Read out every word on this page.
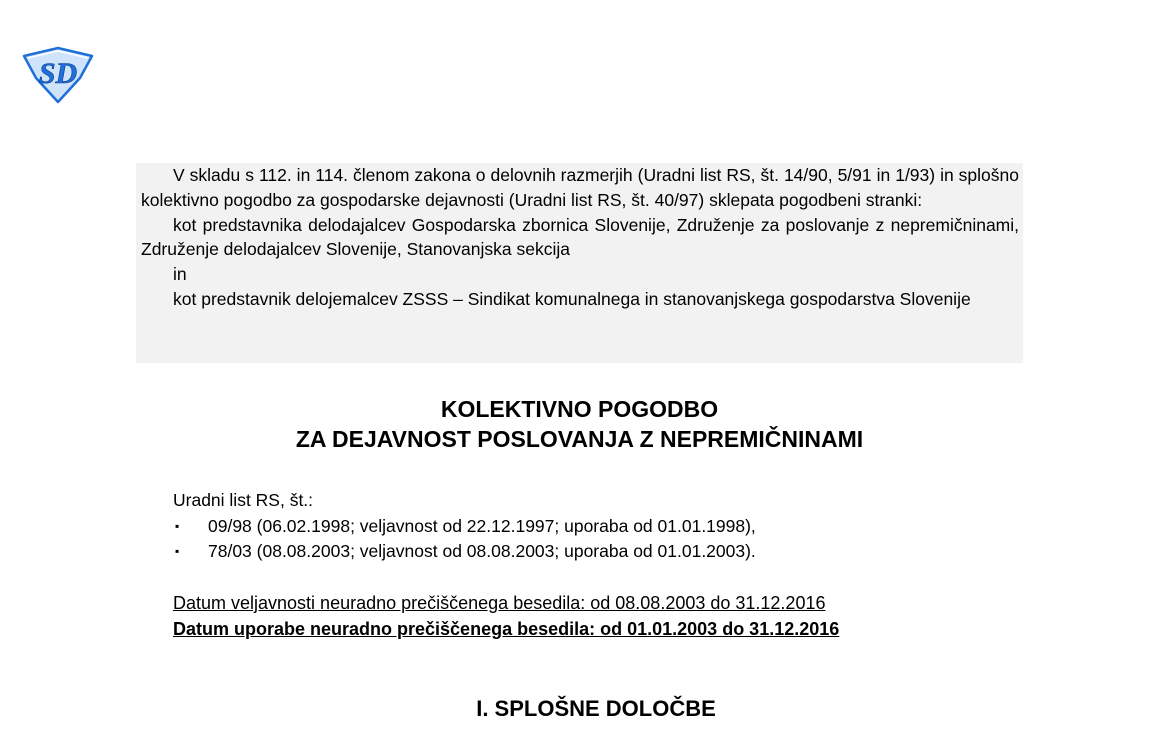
SD

V skladu s 112. in 114. členom zakona o delovnih razmerjih (Uradni list RS, št. 14/90, 5/91 in 1/93) in splošno kolektivno pogodbo za gospodarske dejavnosti (Uradni list RS, št. 40/97) sklepata pogodbeni stranki:

kot predstavnika delodajalcev Gospodarska zbornica Slovenije, Združenje za poslovanje z nepremičninami, Združenje delodajalcev Slovenije, Stanovanjska sekcija

in

kot predstavnik delojemalcev ZSSS – Sindikat komunalnega in stanovanjskega gospodarstva Slovenije

KOLEKTIVNO POGODBO
ZA DEJAVNOST POSLOVANJA Z NEPREMIČNINAMI
Uradni list RS, št.:
▪ 09/98 (06.02.1998; veljavnost od 22.12.1997; uporaba od 01.01.1998),
▪ 78/03 (08.08.2003; veljavnost od 08.08.2003; uporaba od 01.01.2003).
Datum veljavnosti neuradno prečiščenega besedila: od 08.08.2003 do 31.12.2016
Datum uporabe neuradno prečiščenega besedila: od 01.01.2003 do 31.12.2016
I. SPLOŠNE DOLOČBE
